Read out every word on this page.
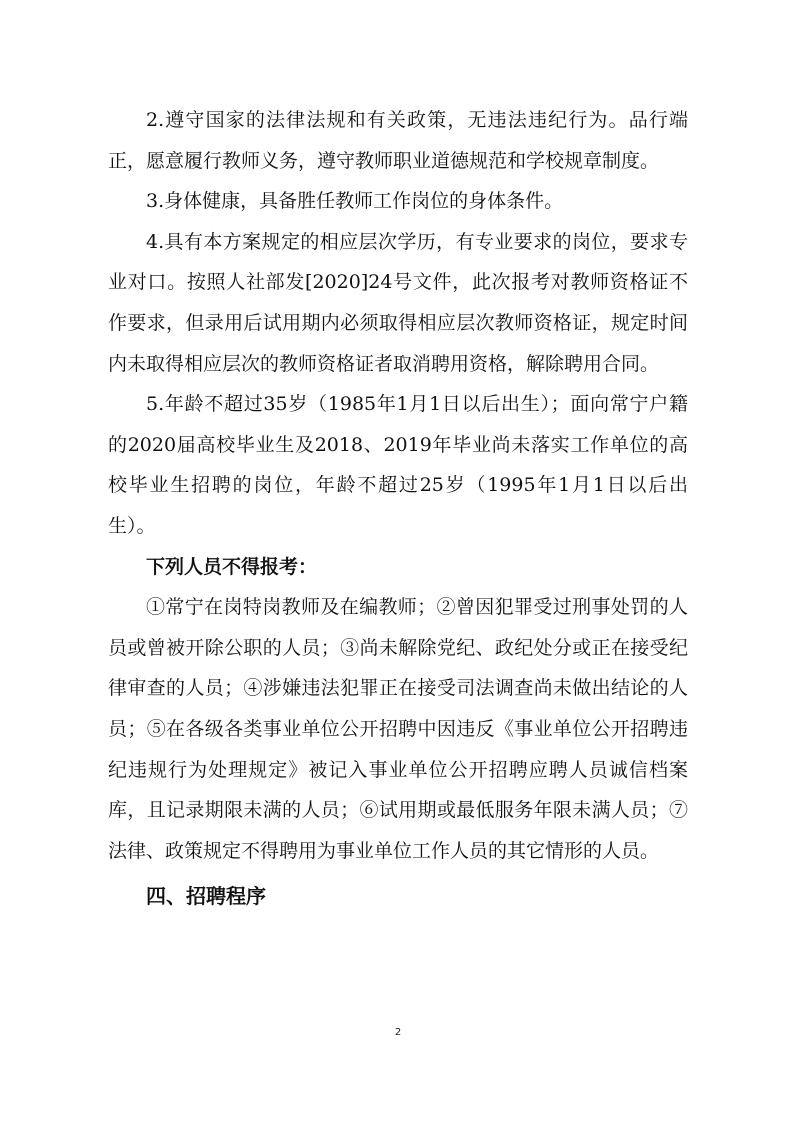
2.遵守国家的法律法规和有关政策，无违法违纪行为。品行端正，愿意履行教师义务，遵守教师职业道德规范和学校规章制度。

3.身体健康，具备胜任教师工作岗位的身体条件。

4.具有本方案规定的相应层次学历，有专业要求的岗位，要求专业对口。按照人社部发[2020]24号文件，此次报考对教师资格证不作要求，但录用后试用期内必须取得相应层次教师资格证，规定时间内未取得相应层次的教师资格证者取消聘用资格，解除聘用合同。

5.年龄不超过35岁（1985年1月1日以后出生）；面向常宁户籍的2020届高校毕业生及2018、2019年毕业尚未落实工作单位的高校毕业生招聘的岗位，年龄不超过25岁（1995年1月1日以后出生）。

下列人员不得报考：

①常宁在岗特岗教师及在编教师；②曾因犯罪受过刑事处罚的人员或曾被开除公职的人员；③尚未解除党纪、政纪处分或正在接受纪律审查的人员；④涉嫌违法犯罪正在接受司法调查尚未做出结论的人员；⑤在各级各类事业单位公开招聘中因违反《事业单位公开招聘违纪违规行为处理规定》被记入事业单位公开招聘应聘人员诚信档案库，且记录期限未满的人员；⑥试用期或最低服务年限未满人员；⑦法律、政策规定不得聘用为事业单位工作人员的其它情形的人员。

四、招聘程序

2
